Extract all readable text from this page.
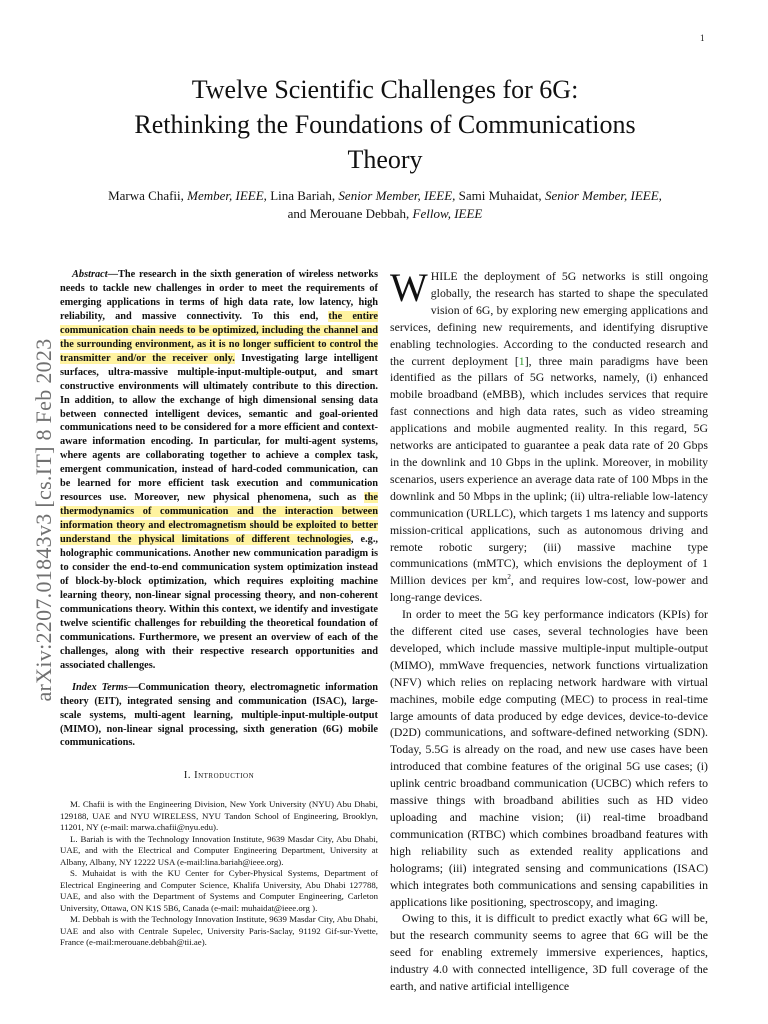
1
arXiv:2207.01843v3 [cs.IT] 8 Feb 2023
Twelve Scientific Challenges for 6G:
Rethinking the Foundations of Communications
Theory
Marwa Chafii, Member, IEEE, Lina Bariah, Senior Member, IEEE, Sami Muhaidat, Senior Member, IEEE,
and Merouane Debbah, Fellow, IEEE

Abstract—The research in the sixth generation of wireless networks needs to tackle new challenges in order to meet the requirements of emerging applications in terms of high data rate, low latency, high reliability, and massive connectivity. To this end, the entire communication chain needs to be optimized, including the channel and the surrounding environment, as it is no longer sufficient to control the transmitter and/or the receiver only. Investigating large intelligent surfaces, ultra-massive multiple-input-multiple-output, and smart constructive environments will ultimately contribute to this direction. In addition, to allow the exchange of high dimensional sensing data between connected intelligent devices, semantic and goal-oriented communications need to be considered for a more efficient and context-aware information encoding. In particular, for multi-agent systems, where agents are collaborating together to achieve a complex task, emergent communication, instead of hard-coded communication, can be learned for more efficient task execution and communication resources use. Moreover, new physical phenomena, such as the thermodynamics of communication and the interaction between information theory and electromagnetism should be exploited to better understand the physical limitations of different technologies, e.g., holographic communications. Another new communication paradigm is to consider the end-to-end communication system optimization instead of block-by-block optimization, which requires exploiting machine learning theory, non-linear signal processing theory, and non-coherent communications theory. Within this context, we identify and investigate twelve scientific challenges for rebuilding the theoretical foundation of communications. Furthermore, we present an overview of each of the challenges, along with their respective research opportunities and associated challenges.

Index Terms—Communication theory, electromagnetic information theory (EIT), integrated sensing and communication (ISAC), large-scale systems, multi-agent learning, multiple-input-multiple-output (MIMO), non-linear signal processing, sixth generation (6G) mobile communications.

I. Introduction

M. Chafii is with the Engineering Division, New York University (NYU) Abu Dhabi, 129188, UAE and NYU WIRELESS, NYU Tandon School of Engineering, Brooklyn, 11201, NY (e-mail: marwa.chafii@nyu.edu).

L. Bariah is with the Technology Innovation Institute, 9639 Masdar City, Abu Dhabi, UAE, and with the Electrical and Computer Engineering Department, University at Albany, Albany, NY 12222 USA (e-mail:lina.bariah@ieee.org).

S. Muhaidat is with the KU Center for Cyber-Physical Systems, Department of Electrical Engineering and Computer Science, Khalifa University, Abu Dhabi 127788, UAE, and also with the Department of Systems and Computer Engineering, Carleton University, Ottawa, ON K1S 5B6, Canada (e-mail: muhaidat@ieee.org ).

M. Debbah is with the Technology Innovation Institute, 9639 Masdar City, Abu Dhabi, UAE and also with Centrale Supelec, University Paris-Saclay, 91192 Gif-sur-Yvette, France (e-mail:merouane.debbah@tii.ae).

WHILE the deployment of 5G networks is still ongoing globally, the research has started to shape the speculated vision of 6G, by exploring new emerging applications and services, defining new requirements, and identifying disruptive enabling technologies. According to the conducted research and the current deployment [1], three main paradigms have been identified as the pillars of 5G networks, namely, (i) enhanced mobile broadband (eMBB), which includes services that require fast connections and high data rates, such as video streaming applications and mobile augmented reality. In this regard, 5G networks are anticipated to guarantee a peak data rate of 20 Gbps in the downlink and 10 Gbps in the uplink. Moreover, in mobility scenarios, users experience an average data rate of 100 Mbps in the downlink and 50 Mbps in the uplink; (ii) ultra-reliable low-latency communication (URLLC), which targets 1 ms latency and supports mission-critical applications, such as autonomous driving and remote robotic surgery; (iii) massive machine type communications (mMTC), which envisions the deployment of 1 Million devices per $km^2$, and requires low-cost, low-power and long-range devices.

In order to meet the 5G key performance indicators (KPIs) for the different cited use cases, several technologies have been developed, which include massive multiple-input multiple-output (MIMO), mmWave frequencies, network functions virtualization (NFV) which relies on replacing network hardware with virtual machines, mobile edge computing (MEC) to process in real-time large amounts of data produced by edge devices, device-to-device (D2D) communications, and software-defined networking (SDN). Today, 5.5G is already on the road, and new use cases have been introduced that combine features of the original 5G use cases; (i) uplink centric broadband communication (UCBC) which refers to massive things with broadband abilities such as HD video uploading and machine vision; (ii) real-time broadband communication (RTBC) which combines broadband features with high reliability such as extended reality applications and holograms; (iii) integrated sensing and communications (ISAC) which integrates both communications and sensing capabilities in applications like positioning, spectroscopy, and imaging.

Owing to this, it is difficult to predict exactly what 6G will be, but the research community seems to agree that 6G will be the seed for enabling extremely immersive experiences, haptics, industry 4.0 with connected intelligence, 3D full coverage of the earth, and native artificial intelligence
